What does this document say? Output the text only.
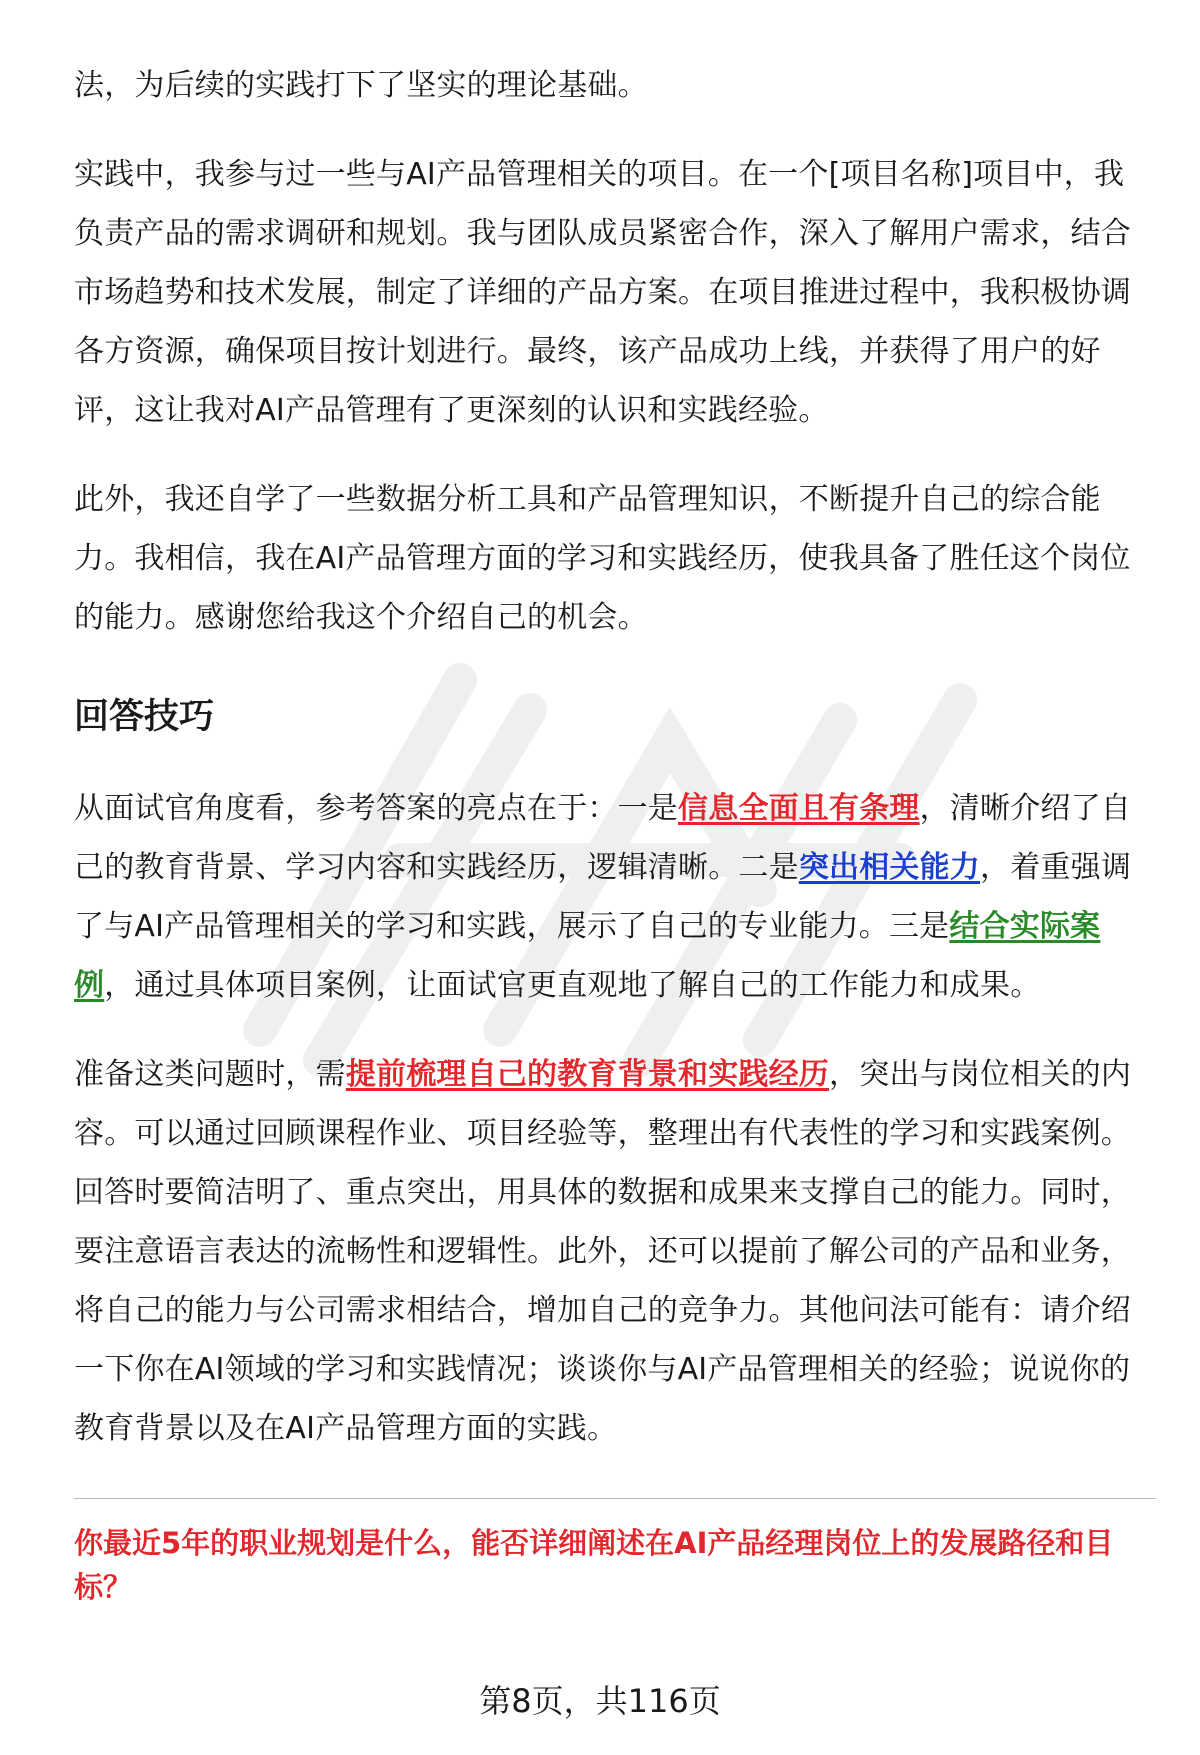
法，为后续的实践打下了坚实的理论基础。

实践中，我参与过一些与AI产品管理相关的项目。在一个[项目名称]项目中，我负责产品的需求调研和规划。我与团队成员紧密合作，深入了解用户需求，结合市场趋势和技术发展，制定了详细的产品方案。在项目推进过程中，我积极协调各方资源，确保项目按计划进行。最终，该产品成功上线，并获得了用户的好评，这让我对AI产品管理有了更深刻的认识和实践经验。

此外，我还自学了一些数据分析工具和产品管理知识，不断提升自己的综合能力。我相信，我在AI产品管理方面的学习和实践经历，使我具备了胜任这个岗位的能力。感谢您给我这个介绍自己的机会。

回答技巧

从面试官角度看，参考答案的亮点在于：一是信息全面且有条理，清晰介绍了自己的教育背景、学习内容和实践经历，逻辑清晰。二是突出相关能力，着重强调了与AI产品管理相关的学习和实践，展示了自己的专业能力。三是结合实际案例，通过具体项目案例，让面试官更直观地了解自己的工作能力和成果。

准备这类问题时，需提前梳理自己的教育背景和实践经历，突出与岗位相关的内容。可以通过回顾课程作业、项目经验等，整理出有代表性的学习和实践案例。回答时要简洁明了、重点突出，用具体的数据和成果来支撑自己的能力。同时，要注意语言表达的流畅性和逻辑性。此外，还可以提前了解公司的产品和业务，将自己的能力与公司需求相结合，增加自己的竞争力。其他问法可能有：请介绍一下你在AI领域的学习和实践情况；谈谈你与AI产品管理相关的经验；说说你的教育背景以及在AI产品管理方面的实践。

你最近5年的职业规划是什么，能否详细阐述在AI产品经理岗位上的发展路径和目标？

第8页，共116页
